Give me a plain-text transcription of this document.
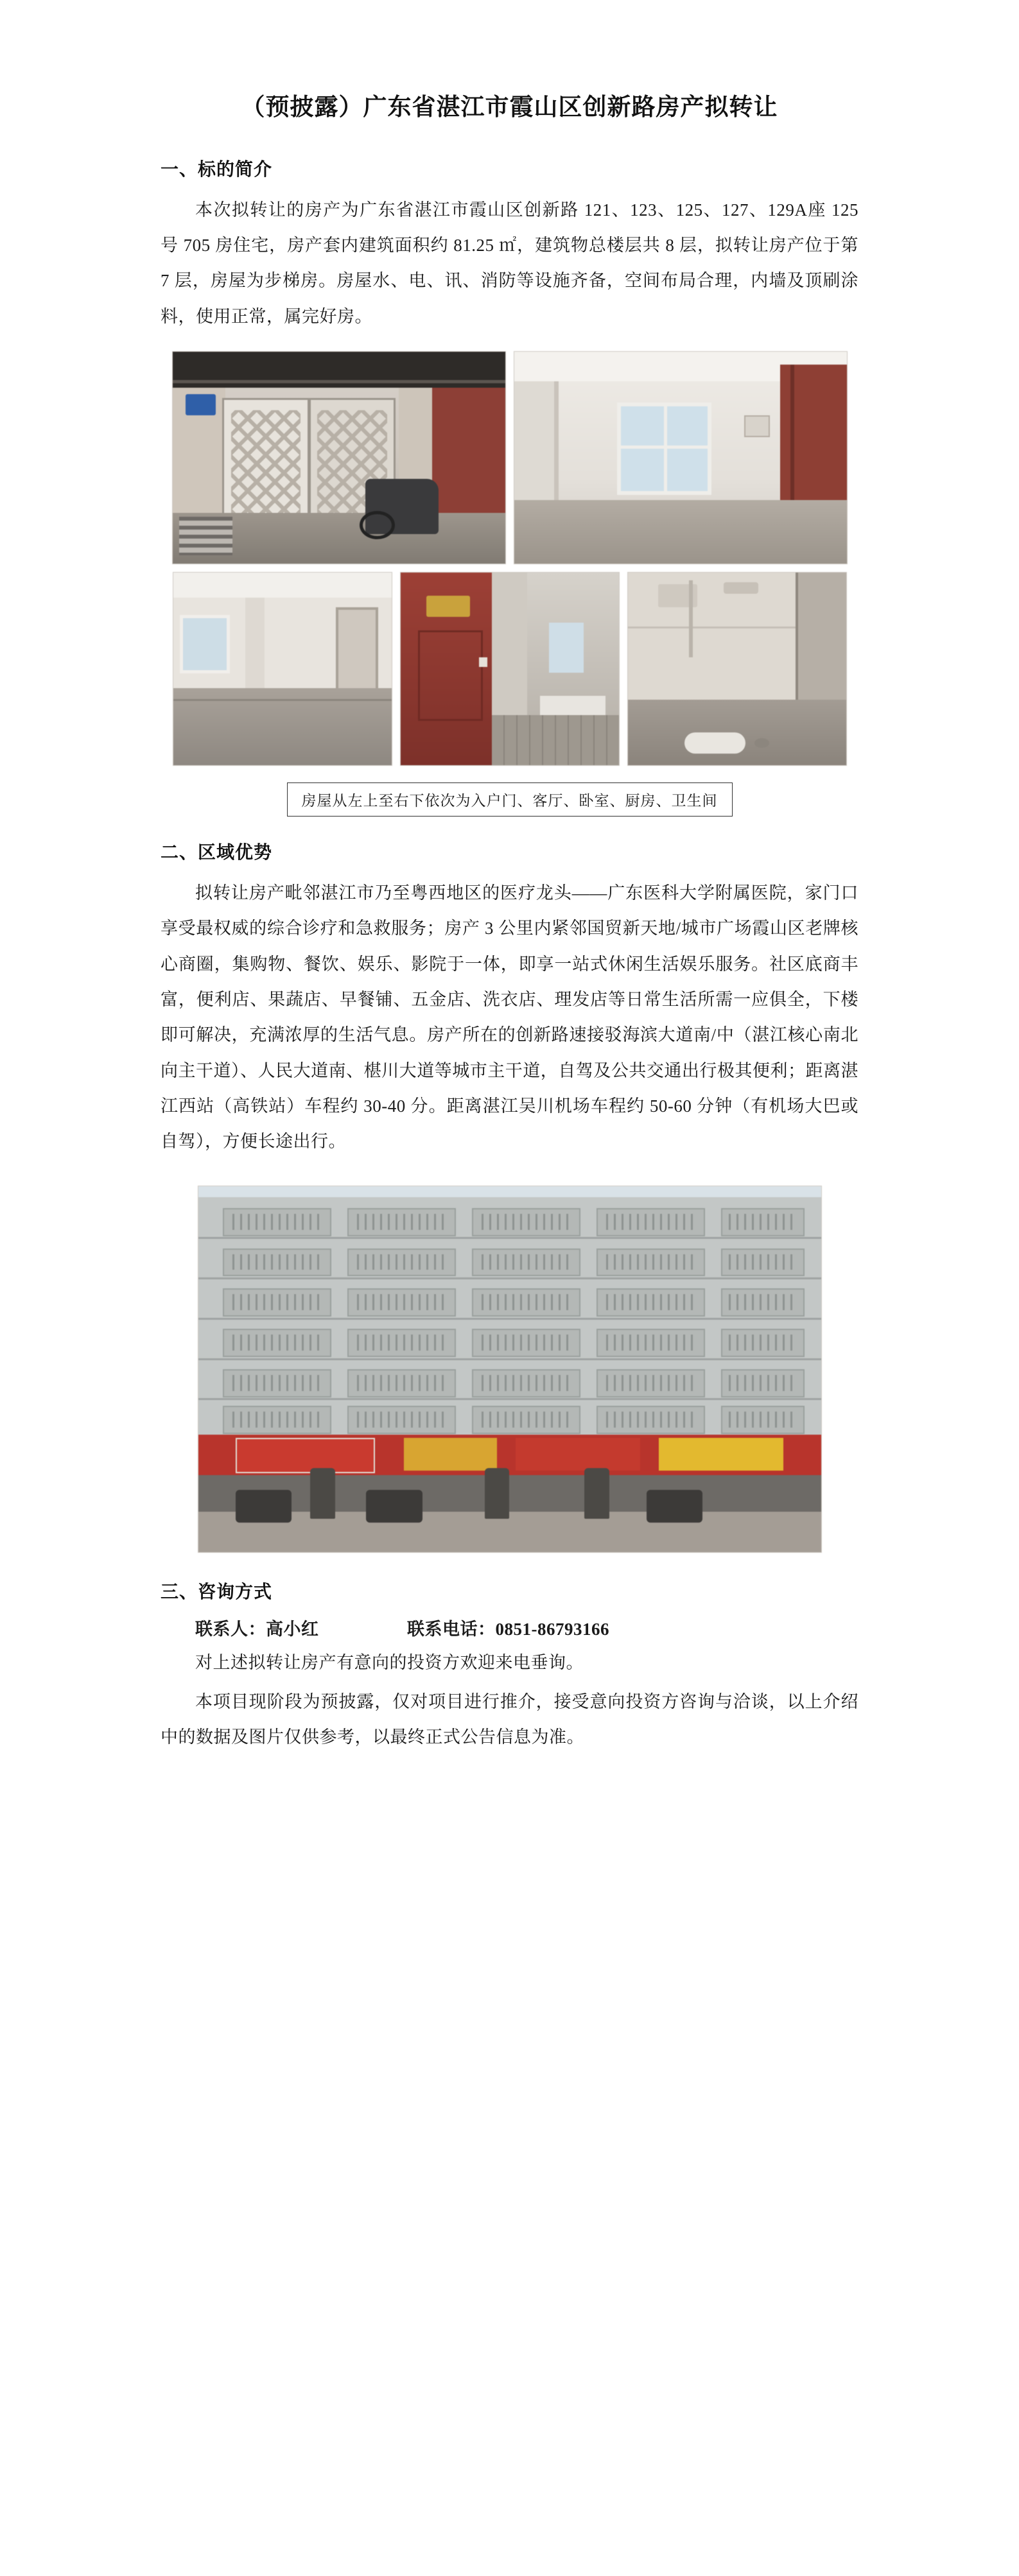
（预披露）广东省湛江市霞山区创新路房产拟转让
一、标的简介

本次拟转让的房产为广东省湛江市霞山区创新路 121、123、125、127、129A座 125 号 705 房住宅，房产套内建筑面积约 81.25 ㎡，建筑物总楼层共 8 层，拟转让房产位于第 7 层，房屋为步梯房。房屋水、电、讯、消防等设施齐备，空间布局合理，内墙及顶刷涂料，使用正常，属完好房。

房屋从左上至右下依次为入户门、客厅、卧室、厨房、卫生间
二、区域优势

拟转让房产毗邻湛江市乃至粤西地区的医疗龙头——广东医科大学附属医院，家门口享受最权威的综合诊疗和急救服务；房产 3 公里内紧邻国贸新天地/城市广场霞山区老牌核心商圈，集购物、餐饮、娱乐、影院于一体，即享一站式休闲生活娱乐服务。社区底商丰富，便利店、果蔬店、早餐铺、五金店、洗衣店、理发店等日常生活所需一应俱全，下楼即可解决，充满浓厚的生活气息。房产所在的创新路速接驳海滨大道南/中（湛江核心南北向主干道）、人民大道南、椹川大道等城市主干道，自驾及公共交通出行极其便利；距离湛江西站（高铁站）车程约 30-40 分。距离湛江吴川机场车程约 50-60 分钟（有机场大巴或自驾），方便长途出行。

三、咨询方式
联系人：高小红	联系电话：0851-86793166

对上述拟转让房产有意向的投资方欢迎来电垂询。

本项目现阶段为预披露，仅对项目进行推介，接受意向投资方咨询与洽谈，以上介绍中的数据及图片仅供参考，以最终正式公告信息为准。
